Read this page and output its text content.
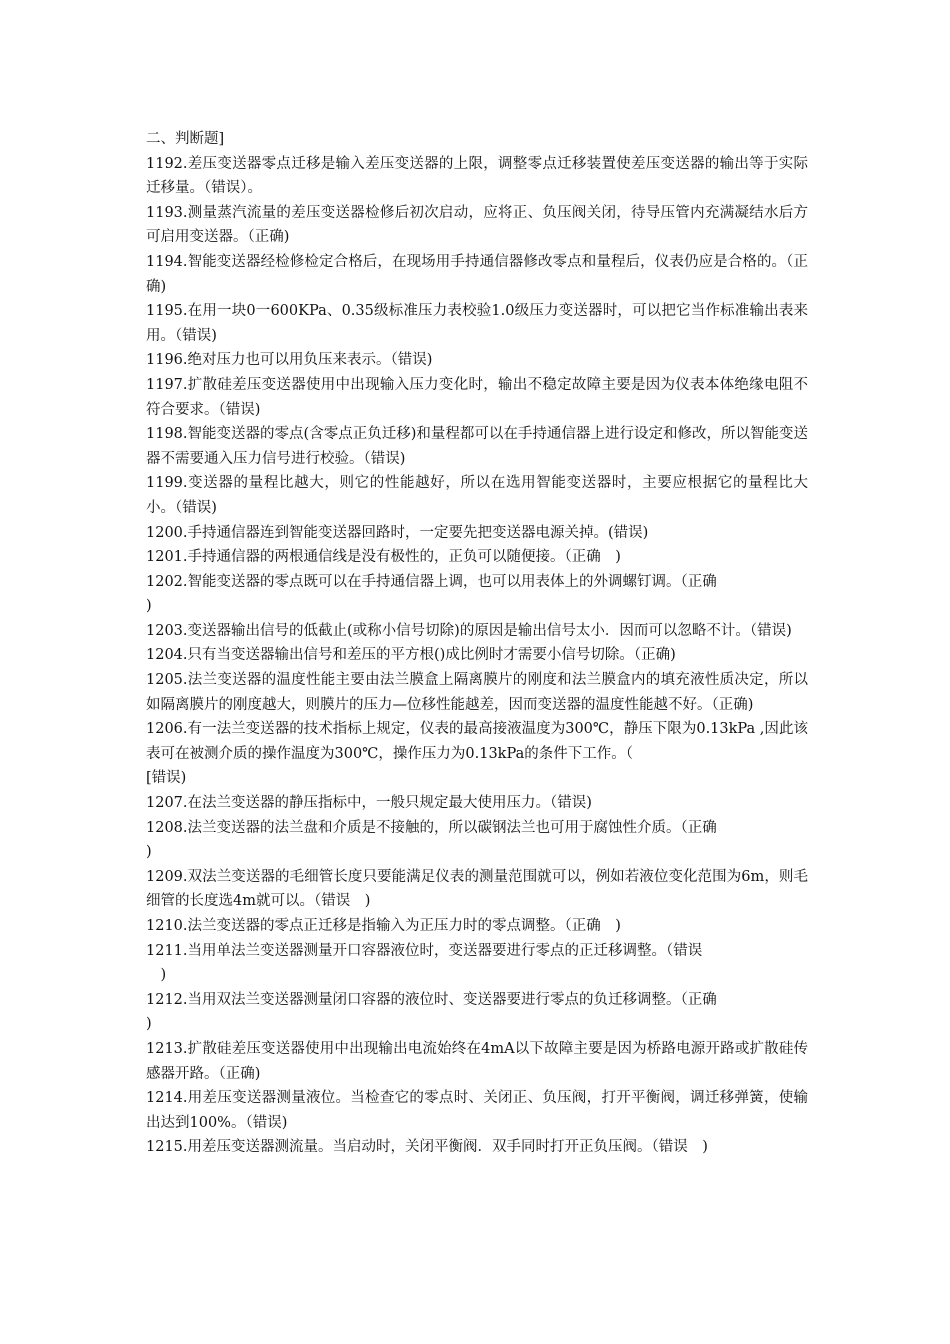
二、判断题]
1192.差压变送器零点迁移是输入差压变送器的上限，调整零点迁移装置使差压变送器的输出等于实际迁移量。（错误）。
1193.测量蒸汽流量的差压变送器检修后初次启动，应将正、负压阀关闭，待导压管内充满凝结水后方可启用变送器。（正确)
1194.智能变送器经检修检定合格后，在现场用手持通信器修改零点和量程后，仪表仍应是合格的。（正确)
1195.在用一块0一600KPa、0.35级标准压力表校验1.0级压力变送器时，可以把它当作标准输出表来用。（错误)
1196.绝对压力也可以用负压来表示。（错误)
1197.扩散硅差压变送器使用中出现输入压力变化时，输出不稳定故障主要是因为仪表本体绝缘电阻不符合要求。（错误)
1198.智能变送器的零点(含零点正负迁移)和量程都可以在手持通信器上进行设定和修改，所以智能变送器不需要通入压力信号进行校验。（错误)
1199.变送器的量程比越大，则它的性能越好，所以在选用智能变送器时，主要应根据它的量程比大小。（错误)
1200.手持通信器连到智能变送器回路时，一定要先把变送器电源关掉。(错误)
1201.手持通信器的两根通信线是没有极性的，正负可以随便接。（正确　)
1202.智能变送器的零点既可以在手持通信器上调，也可以用表体上的外调螺钉调。（正确
)
1203.变送器输出信号的低截止(或称小信号切除)的原因是输出信号太小．因而可以忽略不计。（错误)
1204.只有当变送器输出信号和差压的平方根()成比例时才需要小信号切除。（正确)
1205.法兰变送器的温度性能主要由法兰膜盒上隔离膜片的刚度和法兰膜盒内的填充液性质决定，所以如隔离膜片的刚度越大，则膜片的压力—位移性能越差，因而变送器的温度性能越不好。（正确)
1206.有一法兰变送器的技术指标上规定，仪表的最高接液温度为300℃，静压下限为0.13kPa ,因此该表可在被测介质的操作温度为300℃，操作压力为0.13kPa的条件下工作。（
[错误)
1207.在法兰变送器的静压指标中，一般只规定最大使用压力。（错误)
1208.法兰变送器的法兰盘和介质是不接触的，所以碳钢法兰也可用于腐蚀性介质。（正确
)
1209.双法兰变送器的毛细管长度只要能满足仪表的测量范围就可以，例如若液位变化范围为6m，则毛细管的长度选4m就可以。（错误　)
1210.法兰变送器的零点正迁移是指输入为正压力时的零点调整。（正确　)
1211.当用单法兰变送器测量开口容器液位时，变送器要进行零点的正迁移调整。（错误
　)
1212.当用双法兰变送器测量闭口容器的液位时、变送器要进行零点的负迁移调整。（正确
)
1213.扩散硅差压变送器使用中出现输出电流始终在4mA以下故障主要是因为桥路电源开路或扩散硅传感器开路。（正确)
1214.用差压变送器测量液位。当检查它的零点时、关闭正、负压阀，打开平衡阀，调迁移弹簧，使输出达到100%。（错误)
1215.用差压变送器测流量。当启动时，关闭平衡阀．双手同时打开正负压阀。（错误　)
